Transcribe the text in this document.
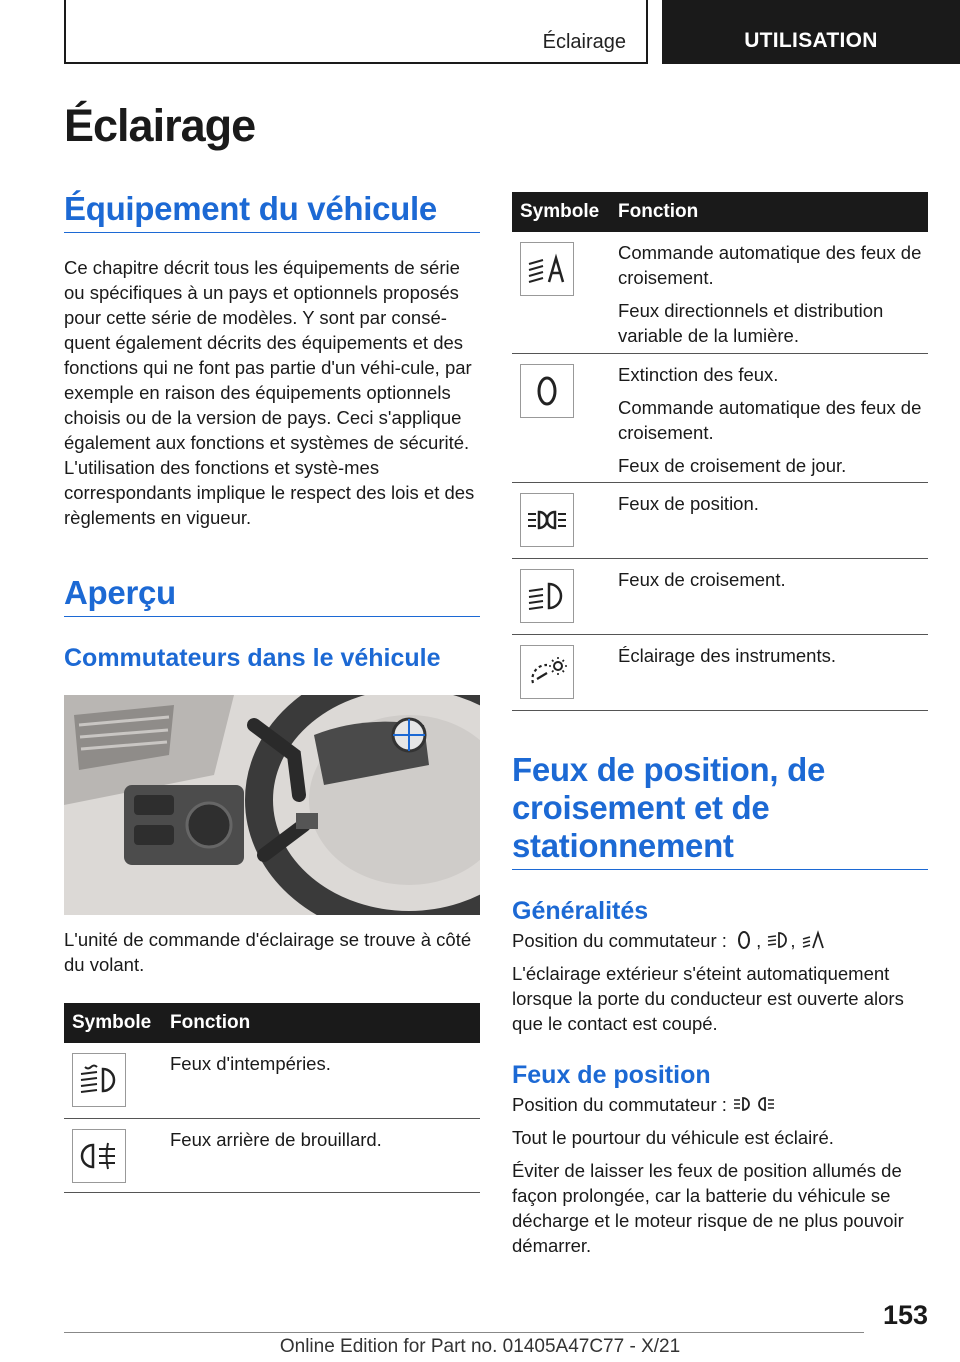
Éclairage	UTILISATION
Éclairage
Équipement du véhicule

Ce chapitre décrit tous les équipements de série ou spécifiques à un pays et optionnels proposés pour cette série de modèles. Y sont par consé-quent également décrits des équipements et des fonctions qui ne font pas partie d'un véhi-cule, par exemple en raison des équipements optionnels choisis ou de la version de pays. Ceci s'applique également aux fonctions et systèmes de sécurité. L'utilisation des fonctions et systè-mes correspondants implique le respect des lois et des règlements en vigueur.

Aperçu
Commutateurs dans le véhicule

L'unité de commande d'éclairage se trouve à côté du volant.

Symbole Fonction

Feux d'intempéries.

Feux arrière de brouillard.

Symbole Fonction

Commande automatique des feux de croisement.

Feux directionnels et distribution variable de la lumière.

Extinction des feux.

Commande automatique des feux de croisement.

Feux de croisement de jour.

Feux de position.

Feux de croisement.

Éclairage des instruments.

Feux de position, de croisement et de stationnement
Généralités

Position du commutateur : , ,

L'éclairage extérieur s'éteint automatiquement lorsque la porte du conducteur est ouverte alors que le contact est coupé.

Feux de position

Position du commutateur :

Tout le pourtour du véhicule est éclairé.

Éviter de laisser les feux de position allumés de façon prolongée, car la batterie du véhicule se décharge et le moteur risque de ne plus pouvoir démarrer.

153
Online Edition for Part no. 01405A47C77 - X/21
